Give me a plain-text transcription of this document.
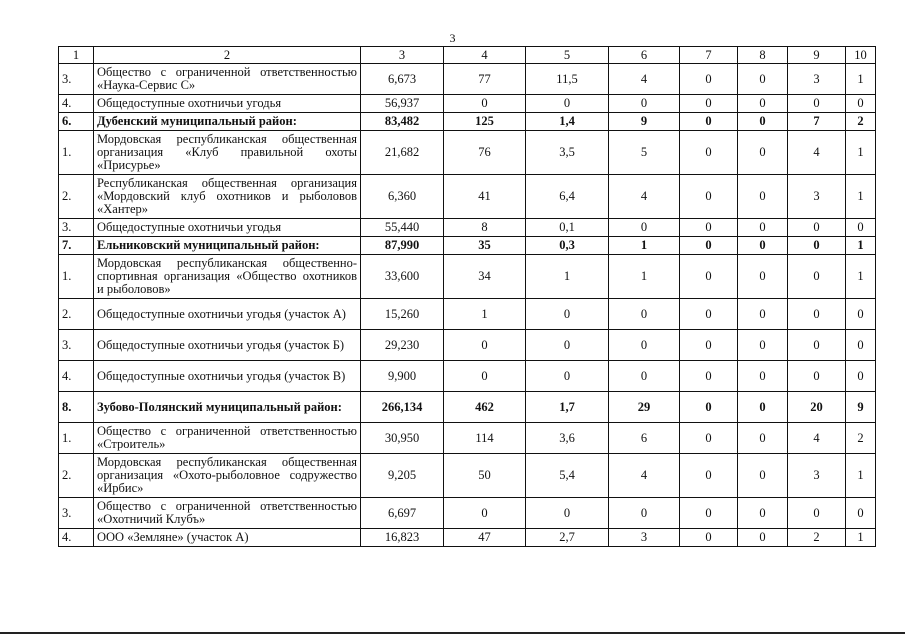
3
1	2	3	4	5	6	7	8	9	10
3.	Общество с ограниченной ответственностью «Наука-Сервис С»	6,673	77	11,5	4	0	0	3	1
4.	Общедоступные охотничьи угодья	56,937	0	0	0	0	0	0	0
6.	Дубенский муниципальный район:	83,482	125	1,4	9	0	0	7	2
1.	Мордовская республиканская общественная организация «Клуб правильной охоты «Присурье»	21,682	76	3,5	5	0	0	4	1
2.	Республиканская общественная организация «Мордовский клуб охотников и рыболовов «Хантер»	6,360	41	6,4	4	0	0	3	1
3.	Общедоступные охотничьи угодья	55,440	8	0,1	0	0	0	0	0
7.	Ельниковский муниципальный район:	87,990	35	0,3	1	0	0	0	1
1.	Мордовская республиканская общественно-спортивная организация «Общество охотников и рыболовов»	33,600	34	1	1	0	0	0	1
2.	Общедоступные охотничьи угодья (участок А)	15,260	1	0	0	0	0	0	0
3.	Общедоступные охотничьи угодья (участок Б)	29,230	0	0	0	0	0	0	0
4.	Общедоступные охотничьи угодья (участок В)	9,900	0	0	0	0	0	0	0
8.	Зубово-Полянский муниципальный район:	266,134	462	1,7	29	0	0	20	9
1.	Общество с ограниченной ответственностью «Строитель»	30,950	114	3,6	6	0	0	4	2
2.	Мордовская республиканская общественная организация «Охото-рыболовное содружество «Ирбис»	9,205	50	5,4	4	0	0	3	1
3.	Общество с ограниченной ответственностью «Охотничий Клубъ»	6,697	0	0	0	0	0	0	0
4.	ООО «Земляне» (участок А)	16,823	47	2,7	3	0	0	2	1
